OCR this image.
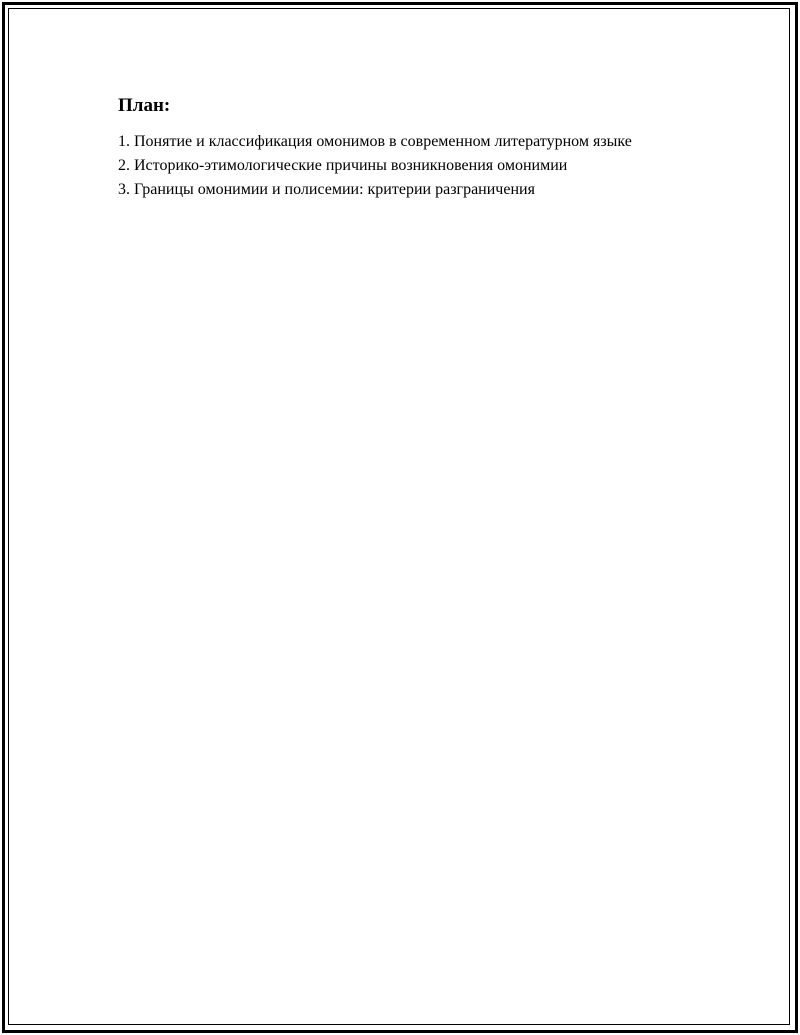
План:
1. Понятие и классификация омонимов в современном литературном языке
2. Историко-этимологические причины возникновения омонимии
3. Границы омонимии и полисемии: критерии разграничения
